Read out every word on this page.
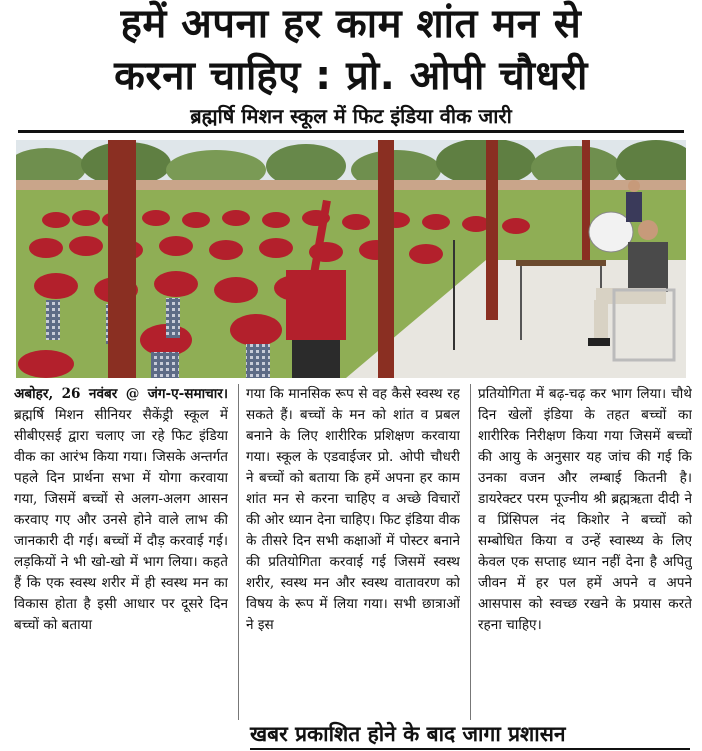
हमें अपना हर काम शांत मन से
करना चाहिए : प्रो. ओपी चौधरी
ब्रह्मर्षि मिशन स्कूल में फिट इंडिया वीक जारी
अबोहर, 26 नवंबर @ जंग-ए-समाचार। ब्रह्मर्षि मिशन सीनियर सैकेंड्री स्कूल में सीबीएसई द्वारा चलाए जा रहे फिट इंडिया वीक का आरंभ किया गया। जिसके अन्तर्गत पहले दिन प्रार्थना सभा में योगा करवाया गया, जिसमें बच्चों से अलग-अलग आसन करवाए गए और उनसे होने वाले लाभ की जानकारी दी गई। बच्चों में दौड़ करवाई गई। लड़कियों ने भी खो-खो में भाग लिया। कहते हैं कि एक स्वस्थ शरीर में ही स्वस्थ मन का विकास होता है इसी आधार पर दूसरे दिन बच्चों को बताया
गया कि मानसिक रूप से वह कैसे स्वस्थ रह सकते हैं। बच्चों के मन को शांत व प्रबल बनाने के लिए शारीरिक प्रशिक्षण करवाया गया। स्कूल के एडवाईजर प्रो. ओपी चौधरी ने बच्चों को बताया कि हमें अपना हर काम शांत मन से करना चाहिए व अच्छे विचारों की ओर ध्यान देना चाहिए। फिट इंडिया वीक के तीसरे दिन सभी कक्षाओं में पोस्टर बनाने की प्रतियोगिता करवाई गई जिसमें स्वस्थ शरीर, स्वस्थ मन और स्वस्थ वातावरण को विषय के रूप में लिया गया। सभी छात्राओं ने इस
प्रतियोगिता में बढ़-चढ़ कर भाग लिया। चौथे दिन खेलों इंडिया के तहत बच्चों का शारीरिक निरीक्षण किया गया जिसमें बच्चों की आयु के अनुसार यह जांच की गई कि उनका वजन और लम्बाई कितनी है। डायरेक्टर परम पूज्नीय श्री ब्रह्मऋता दीदी ने व प्रिंसिपल नंद किशोर ने बच्चों को सम्बोधित किया व उन्हें स्वास्थ्य के लिए केवल एक सप्ताह ध्यान नहीं देना है अपितु जीवन में हर पल हमें अपने व अपने आसपास को स्वच्छ रखने के प्रयास करते रहना चाहिए।
खबर प्रकाशित होने के बाद जागा प्रशासन
